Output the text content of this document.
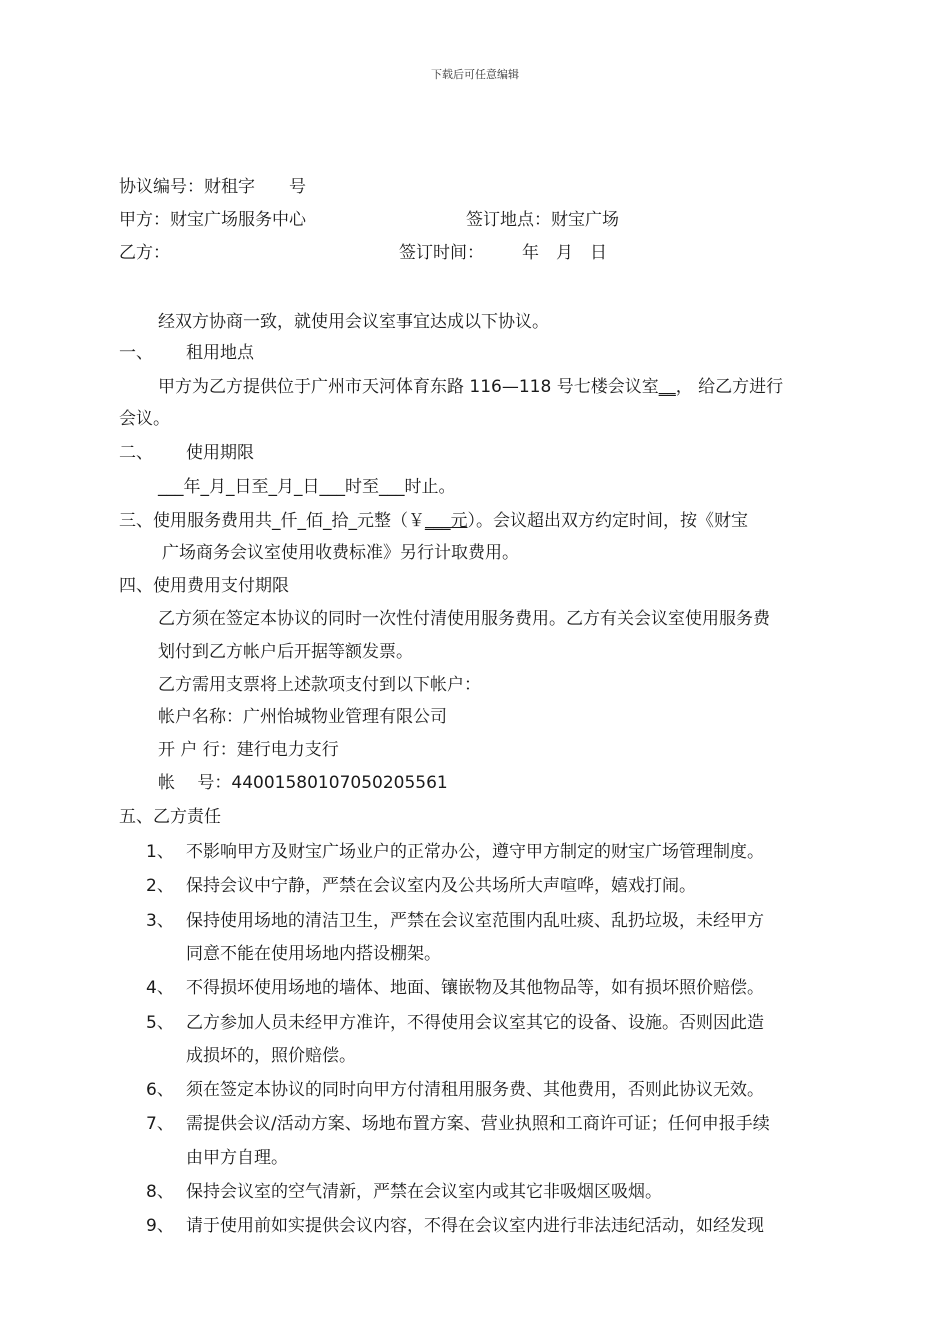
下载后可任意编辑
协议编号：财租字　　号
甲方：财宝广场服务中心	签订地点：财宝广场
乙方：	签订时间： 年　月　日
经双方协商一致，就使用会议室事宜达成以下协议。
一、 租用地点
甲方为乙方提供位于广州市天河体育东路 116—118 号七楼会议室__， 给乙方进行
会议。
二、 使用期限
___年_月_日至_月_日___时至___时止。
三、使用服务费用共_仟_佰_拾_元整（￥___元）。会议超出双方约定时间，按《财宝
广场商务会议室使用收费标准》另行计取费用。
四、使用费用支付期限
乙方须在签定本协议的同时一次性付清使用服务费用。乙方有关会议室使用服务费
划付到乙方帐户后开据等额发票。
乙方需用支票将上述款项支付到以下帐户：
帐户名称：广州怡城物业管理有限公司
开 户 行：建行电力支行
帐　 号：44001580107050205561
五、乙方责任
1、 不影响甲方及财宝广场业户的正常办公，遵守甲方制定的财宝广场管理制度。
2、 保持会议中宁静，严禁在会议室内及公共场所大声喧哗，嬉戏打闹。
3、 保持使用场地的清洁卫生，严禁在会议室范围内乱吐痰、乱扔垃圾，未经甲方
同意不能在使用场地内搭设棚架。
4、 不得损坏使用场地的墙体、地面、镶嵌物及其他物品等，如有损坏照价赔偿。
5、 乙方参加人员未经甲方准许，不得使用会议室其它的设备、设施。否则因此造
成损坏的，照价赔偿。
6、 须在签定本协议的同时向甲方付清租用服务费、其他费用，否则此协议无效。
7、 需提供会议/活动方案、场地布置方案、营业执照和工商许可证；任何申报手续
由甲方自理。
8、 保持会议室的空气清新，严禁在会议室内或其它非吸烟区吸烟。
9、 请于使用前如实提供会议内容，不得在会议室内进行非法违纪活动，如经发现
